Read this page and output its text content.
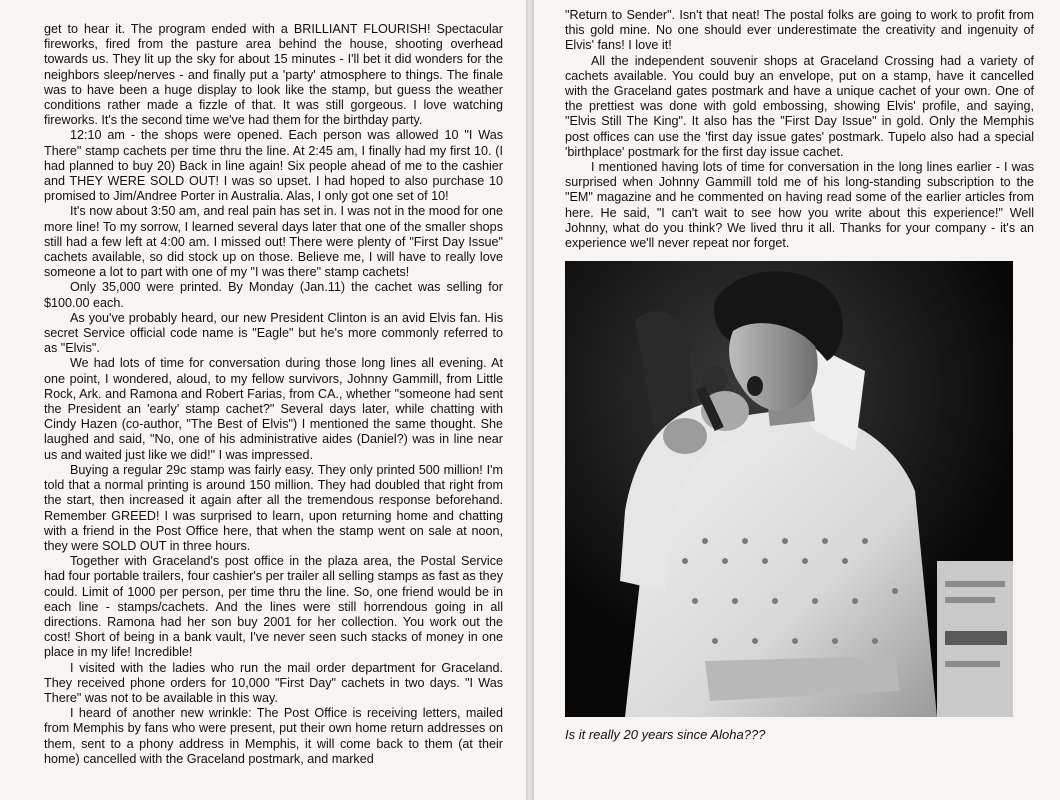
get to hear it. The program ended with a BRILLIANT FLOURISH! Spectacular fireworks, fired from the pasture area behind the house, shooting overhead towards us. They lit up the sky for about 15 minutes - I'll bet it did wonders for the neighbors sleep/nerves - and finally put a 'party' atmosphere to things. The finale was to have been a huge display to look like the stamp, but guess the weather conditions rather made a fizzle of that. It was still gorgeous. I love watching fireworks. It's the second time we've had them for the birthday party.

12:10 am - the shops were opened. Each person was allowed 10 "I Was There" stamp cachets per time thru the line. At 2:45 am, I finally had my first 10. (I had planned to buy 20) Back in line again! Six people ahead of me to the cashier and THEY WERE SOLD OUT! I was so upset. I had hoped to also purchase 10 promised to Jim/Andree Porter in Australia. Alas, I only got one set of 10!

It's now about 3:50 am, and real pain has set in. I was not in the mood for one more line! To my sorrow, I learned several days later that one of the smaller shops still had a few left at 4:00 am. I missed out! There were plenty of "First Day Issue" cachets available, so did stock up on those. Believe me, I will have to really love someone a lot to part with one of my "I was there" stamp cachets!

Only 35,000 were printed. By Monday (Jan.11) the cachet was selling for $100.00 each.

As you've probably heard, our new President Clinton is an avid Elvis fan. His secret Service official code name is "Eagle" but he's more commonly referred to as "Elvis".

We had lots of time for conversation during those long lines all evening. At one point, I wondered, aloud, to my fellow survivors, Johnny Gammill, from Little Rock, Ark. and Ramona and Robert Farias, from CA., whether "someone had sent the President an 'early' stamp cachet?" Several days later, while chatting with Cindy Hazen (co-author, "The Best of Elvis") I mentioned the same thought. She laughed and said, "No, one of his administrative aides (Daniel?) was in line near us and waited just like we did!" I was impressed.

Buying a regular 29c stamp was fairly easy. They only printed 500 million! I'm told that a normal printing is around 150 million. They had doubled that right from the start, then increased it again after all the tremendous response beforehand. Remember GREED! I was surprised to learn, upon returning home and chatting with a friend in the Post Office here, that when the stamp went on sale at noon, they were SOLD OUT in three hours.

Together with Graceland's post office in the plaza area, the Postal Service had four portable trailers, four cashier's per trailer all selling stamps as fast as they could. Limit of 1000 per person, per time thru the line. So, one friend would be in each line - stamps/cachets. And the lines were still horrendous going in all directions. Ramona had her son buy 2001 for her collection. You work out the cost! Short of being in a bank vault, I've never seen such stacks of money in one place in my life! Incredible!

I visited with the ladies who run the mail order department for Graceland. They received phone orders for 10,000 "First Day" cachets in two days. "I Was There" was not to be available in this way.

I heard of another new wrinkle: The Post Office is receiving letters, mailed from Memphis by fans who were present, put their own home return addresses on them, sent to a phony address in Memphis, it will come back to them (at their home) cancelled with the Graceland postmark, and marked

"Return to Sender". Isn't that neat! The postal folks are going to work to profit from this gold mine. No one should ever underestimate the creativity and ingenuity of Elvis' fans! I love it!

All the independent souvenir shops at Graceland Crossing had a variety of cachets available. You could buy an envelope, put on a stamp, have it cancelled with the Graceland gates postmark and have a unique cachet of your own. One of the prettiest was done with gold embossing, showing Elvis' profile, and saying, "Elvis Still The King". It also has the "First Day Issue" in gold. Only the Memphis post offices can use the 'first day issue gates' postmark. Tupelo also had a special 'birthplace' postmark for the first day issue cachet.

I mentioned having lots of time for conversation in the long lines earlier - I was surprised when Johnny Gammill told me of his long-standing subscription to the "EM" magazine and he commented on having read some of the earlier articles from here. He said, "I can't wait to see how you write about this experience!" Well Johnny, what do you think? We lived thru it all. Thanks for your company - it's an experience we'll never repeat nor forget.

Is it really 20 years since Aloha???
